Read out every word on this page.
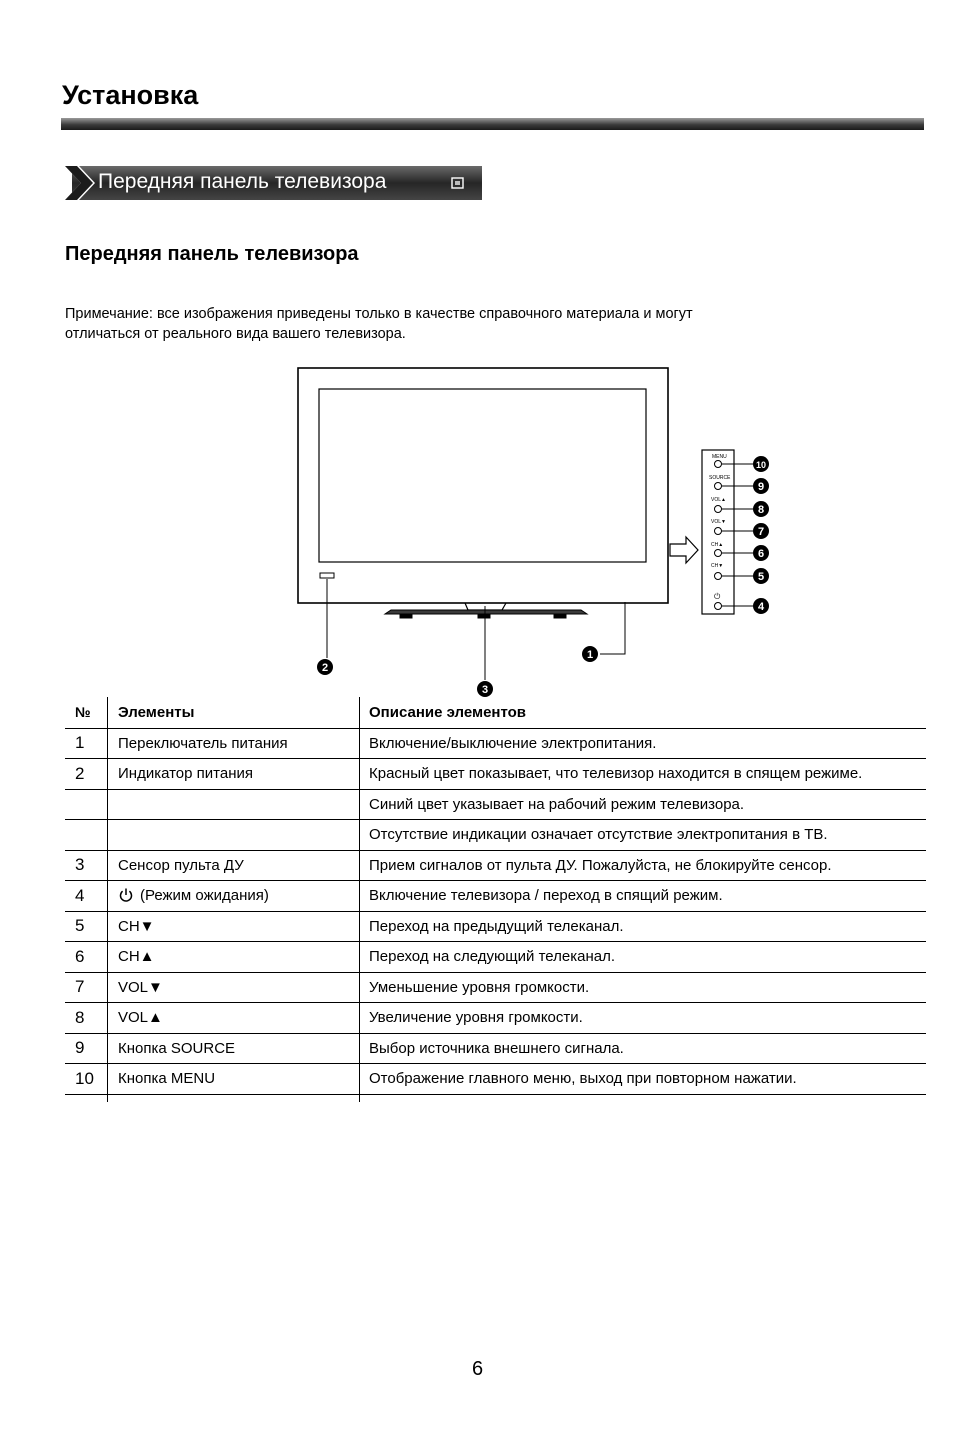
Установка
Передняя панель телевизора
Передняя панель телевизора
Примечание: все изображения приведены только в качестве справочного материала и могут
отличаться от реального вида вашего телевизора.
MENU
SOURCE
VOL▲
VOL▼
CH▲
CH▼
⏻
1
2
3
4
5
6
7
8
9
10
№	Элементы	Описание элементов
1	Переключатель питания	Включение/выключение электропитания.
2	Индикатор питания	Красный цвет показывает, что телевизор находится в спящем режиме.
		Синий цвет указывает на рабочий режим телевизора.
		Отсутствие индикации означает отсутствие электропитания в ТВ.
3	Сенсор пульта ДУ	Прием сигналов от пульта ДУ. Пожалуйста, не блокируйте сенсор.
4	(Режим ожидания)	Включение телевизора / переход в спящий режим.
5	CH▼	Переход на предыдущий телеканал.
6	CH▲	Переход на следующий телеканал.
7	VOL▼	Уменьшение уровня громкости.
8	VOL▲	Увеличение уровня громкости.
9	Кнопка SOURCE	Выбор источника внешнего сигнала.
10	Кнопка MENU	Отображение главного меню, выход при повторном нажатии.

6
